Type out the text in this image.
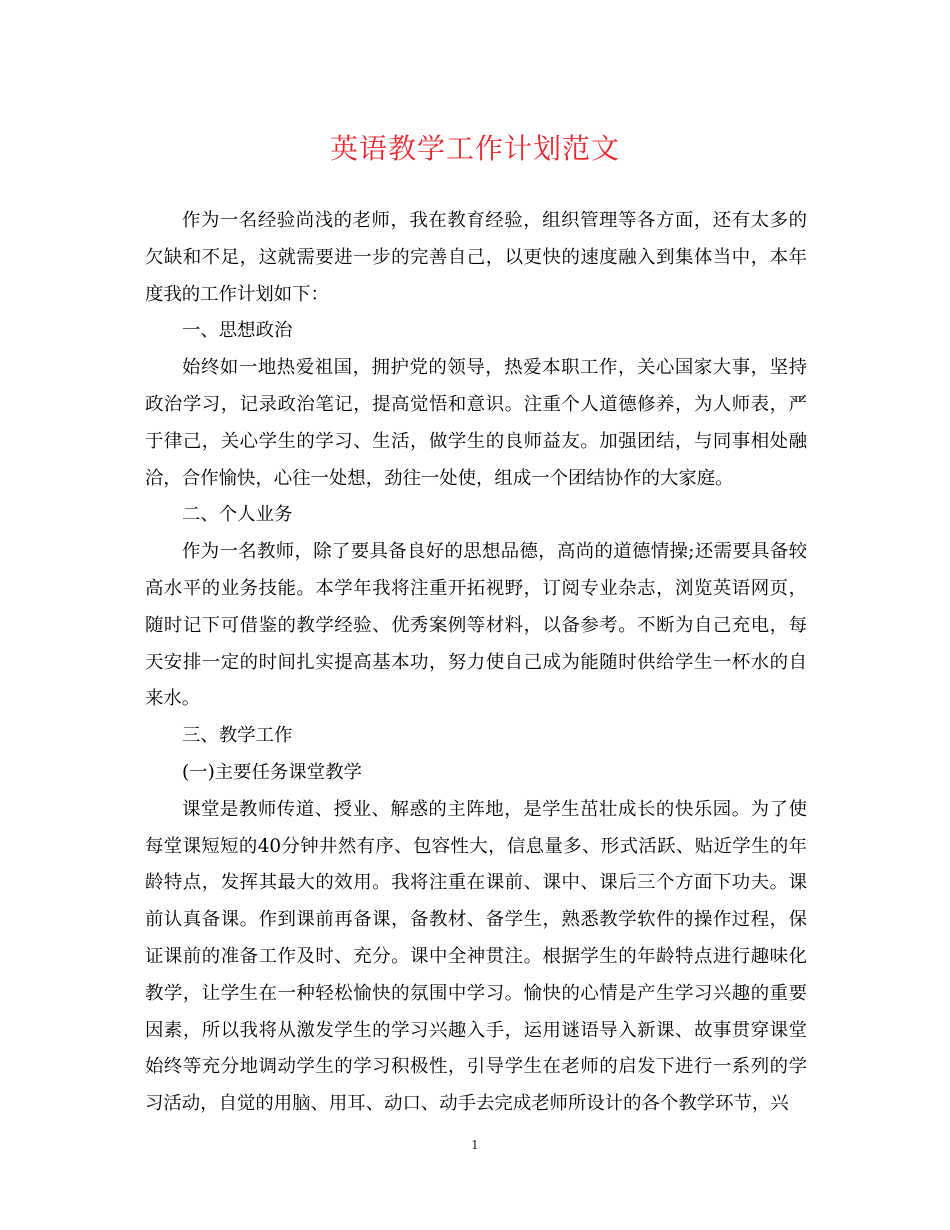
英语教学工作计划范文

作为一名经验尚浅的老师，我在教育经验，组织管理等各方面，还有太多的欠缺和不足，这就需要进一步的完善自己，以更快的速度融入到集体当中，本年度我的工作计划如下：

一、思想政治

始终如一地热爱祖国，拥护党的领导，热爱本职工作，关心国家大事，坚持政治学习，记录政治笔记，提高觉悟和意识。注重个人道德修养，为人师表，严于律己，关心学生的学习、生活，做学生的良师益友。加强团结，与同事相处融洽，合作愉快，心往一处想，劲往一处使，组成一个团结协作的大家庭。

二、个人业务

作为一名教师，除了要具备良好的思想品德，高尚的道德情操;还需要具备较高水平的业务技能。本学年我将注重开拓视野，订阅专业杂志，浏览英语网页，随时记下可借鉴的教学经验、优秀案例等材料，以备参考。不断为自己充电，每天安排一定的时间扎实提高基本功，努力使自己成为能随时供给学生一杯水的自来水。

三、教学工作

(一)主要任务课堂教学

课堂是教师传道、授业、解惑的主阵地，是学生茁壮成长的快乐园。为了使每堂课短短的40分钟井然有序、包容性大，信息量多、形式活跃、贴近学生的年龄特点，发挥其最大的效用。我将注重在课前、课中、课后三个方面下功夫。课前认真备课。作到课前再备课，备教材、备学生，熟悉教学软件的操作过程，保证课前的准备工作及时、充分。课中全神贯注。根据学生的年龄特点进行趣味化教学，让学生在一种轻松愉快的氛围中学习。愉快的心情是产生学习兴趣的重要因素，所以我将从激发学生的学习兴趣入手，运用谜语导入新课、故事贯穿课堂始终等充分地调动学生的学习积极性，引导学生在老师的启发下进行一系列的学习活动，自觉的用脑、用耳、动口、动手去完成老师所设计的各个教学环节，兴

1
